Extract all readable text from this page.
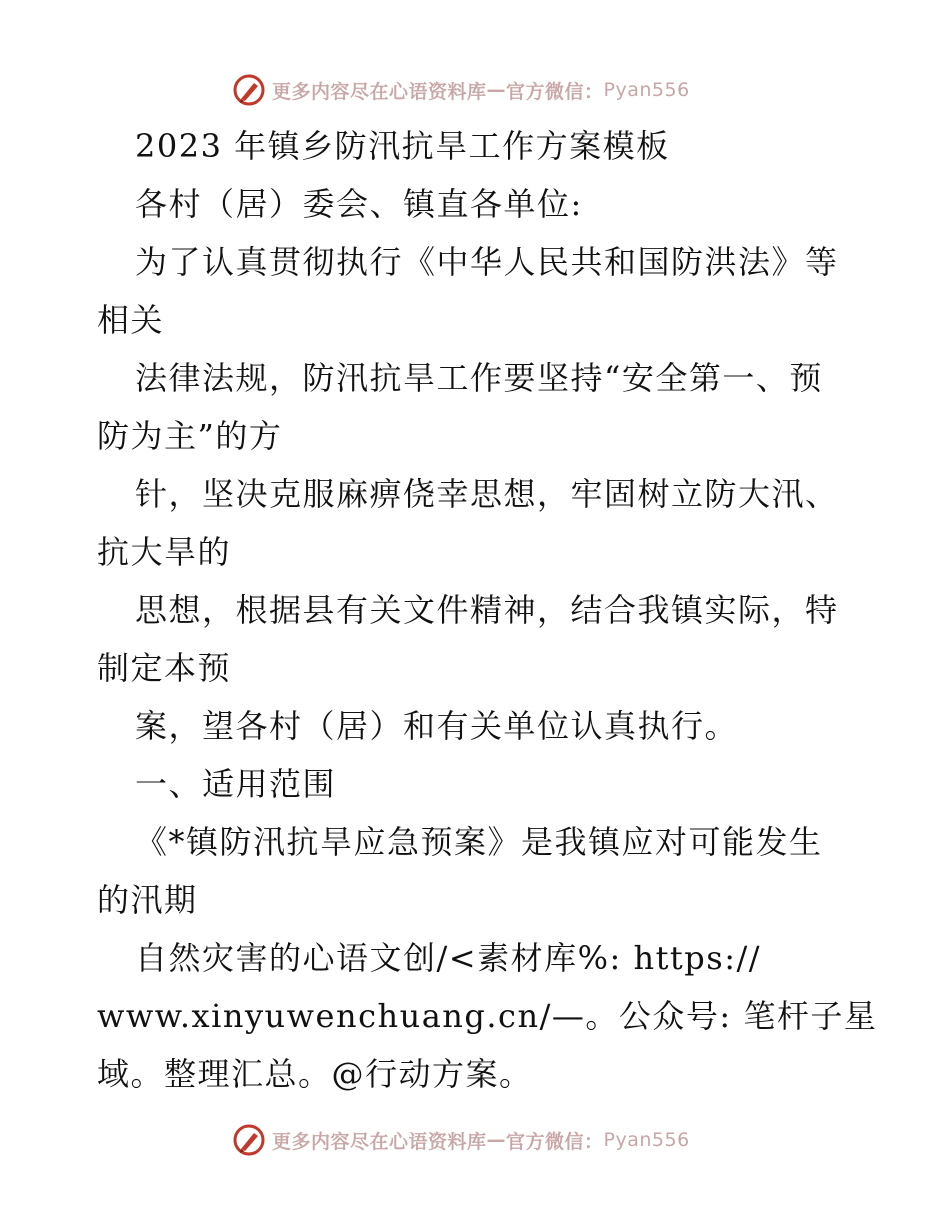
更多内容尽在心语资料库 — 官方微信： Pyan556
2023 年镇乡防汛抗旱工作方案模板
各村（居）委会、镇直各单位:
为了认真贯彻执行《中华人民共和国防洪法》等
相关
法律法规，防汛抗旱工作要坚持“安全第一、预
防为主”的方
针，坚决克服麻痹侥幸思想，牢固树立防大汛、
抗大旱的
思想，根据县有关文件精神，结合我镇实际，特
制定本预
案，望各村（居）和有关单位认真执行。
一、适用范围
《*镇防汛抗旱应急预案》是我镇应对可能发生
的汛期
自然灾害的心语文创/<素材库%: https://
www.xinyuwenchuang.cn/—。公众号: 笔杆子星
域。整理汇总。@行动方案。
更多内容尽在心语资料库 — 官方微信： Pyan556
